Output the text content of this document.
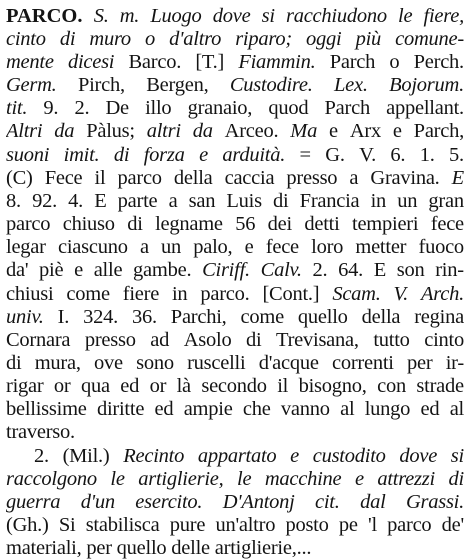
PARCO. S. m. Luogo dove si racchiudono le fiere,
cinto di muro o d'altro riparo; oggi più comune-
mente dicesi Barco. [T.] Fiammin. Parch o Perch.
Germ. Pirch, Bergen, Custodire. Lex. Bojorum.
tit. 9. 2. De illo granaio, quod Parch appellant.
Altri da Pàlus; altri da Arceo. Ma e Arx e Parch,
suoni imit. di forza e arduità. = G. V. 6. 1. 5.
(C) Fece il parco della caccia presso a Gravina. E
8. 92. 4. E parte a san Luis di Francia in un gran
parco chiuso di legname 56 dei detti tempieri fece
legar ciascuno a un palo, e fece loro metter fuoco
da' piè e alle gambe. Ciriff. Calv. 2. 64. E son rin-
chiusi come fiere in parco. [Cont.] Scam. V. Arch.
univ. I. 324. 36. Parchi, come quello della regina
Cornara presso ad Asolo di Trevisana, tutto cinto
di mura, ove sono ruscelli d'acque correnti per ir-
rigar or qua ed or là secondo il bisogno, con strade
bellissime diritte ed ampie che vanno al lungo ed al
traverso.
2. (Mil.) Recinto appartato e custodito dove si
raccolgono le artiglierie, le macchine e attrezzi di
guerra d'un esercito. D'Antonj cit. dal Grassi.
(Gh.) Si stabilisca pure un'altro posto pe 'l parco de'
materiali, per quello delle artiglierie,...
